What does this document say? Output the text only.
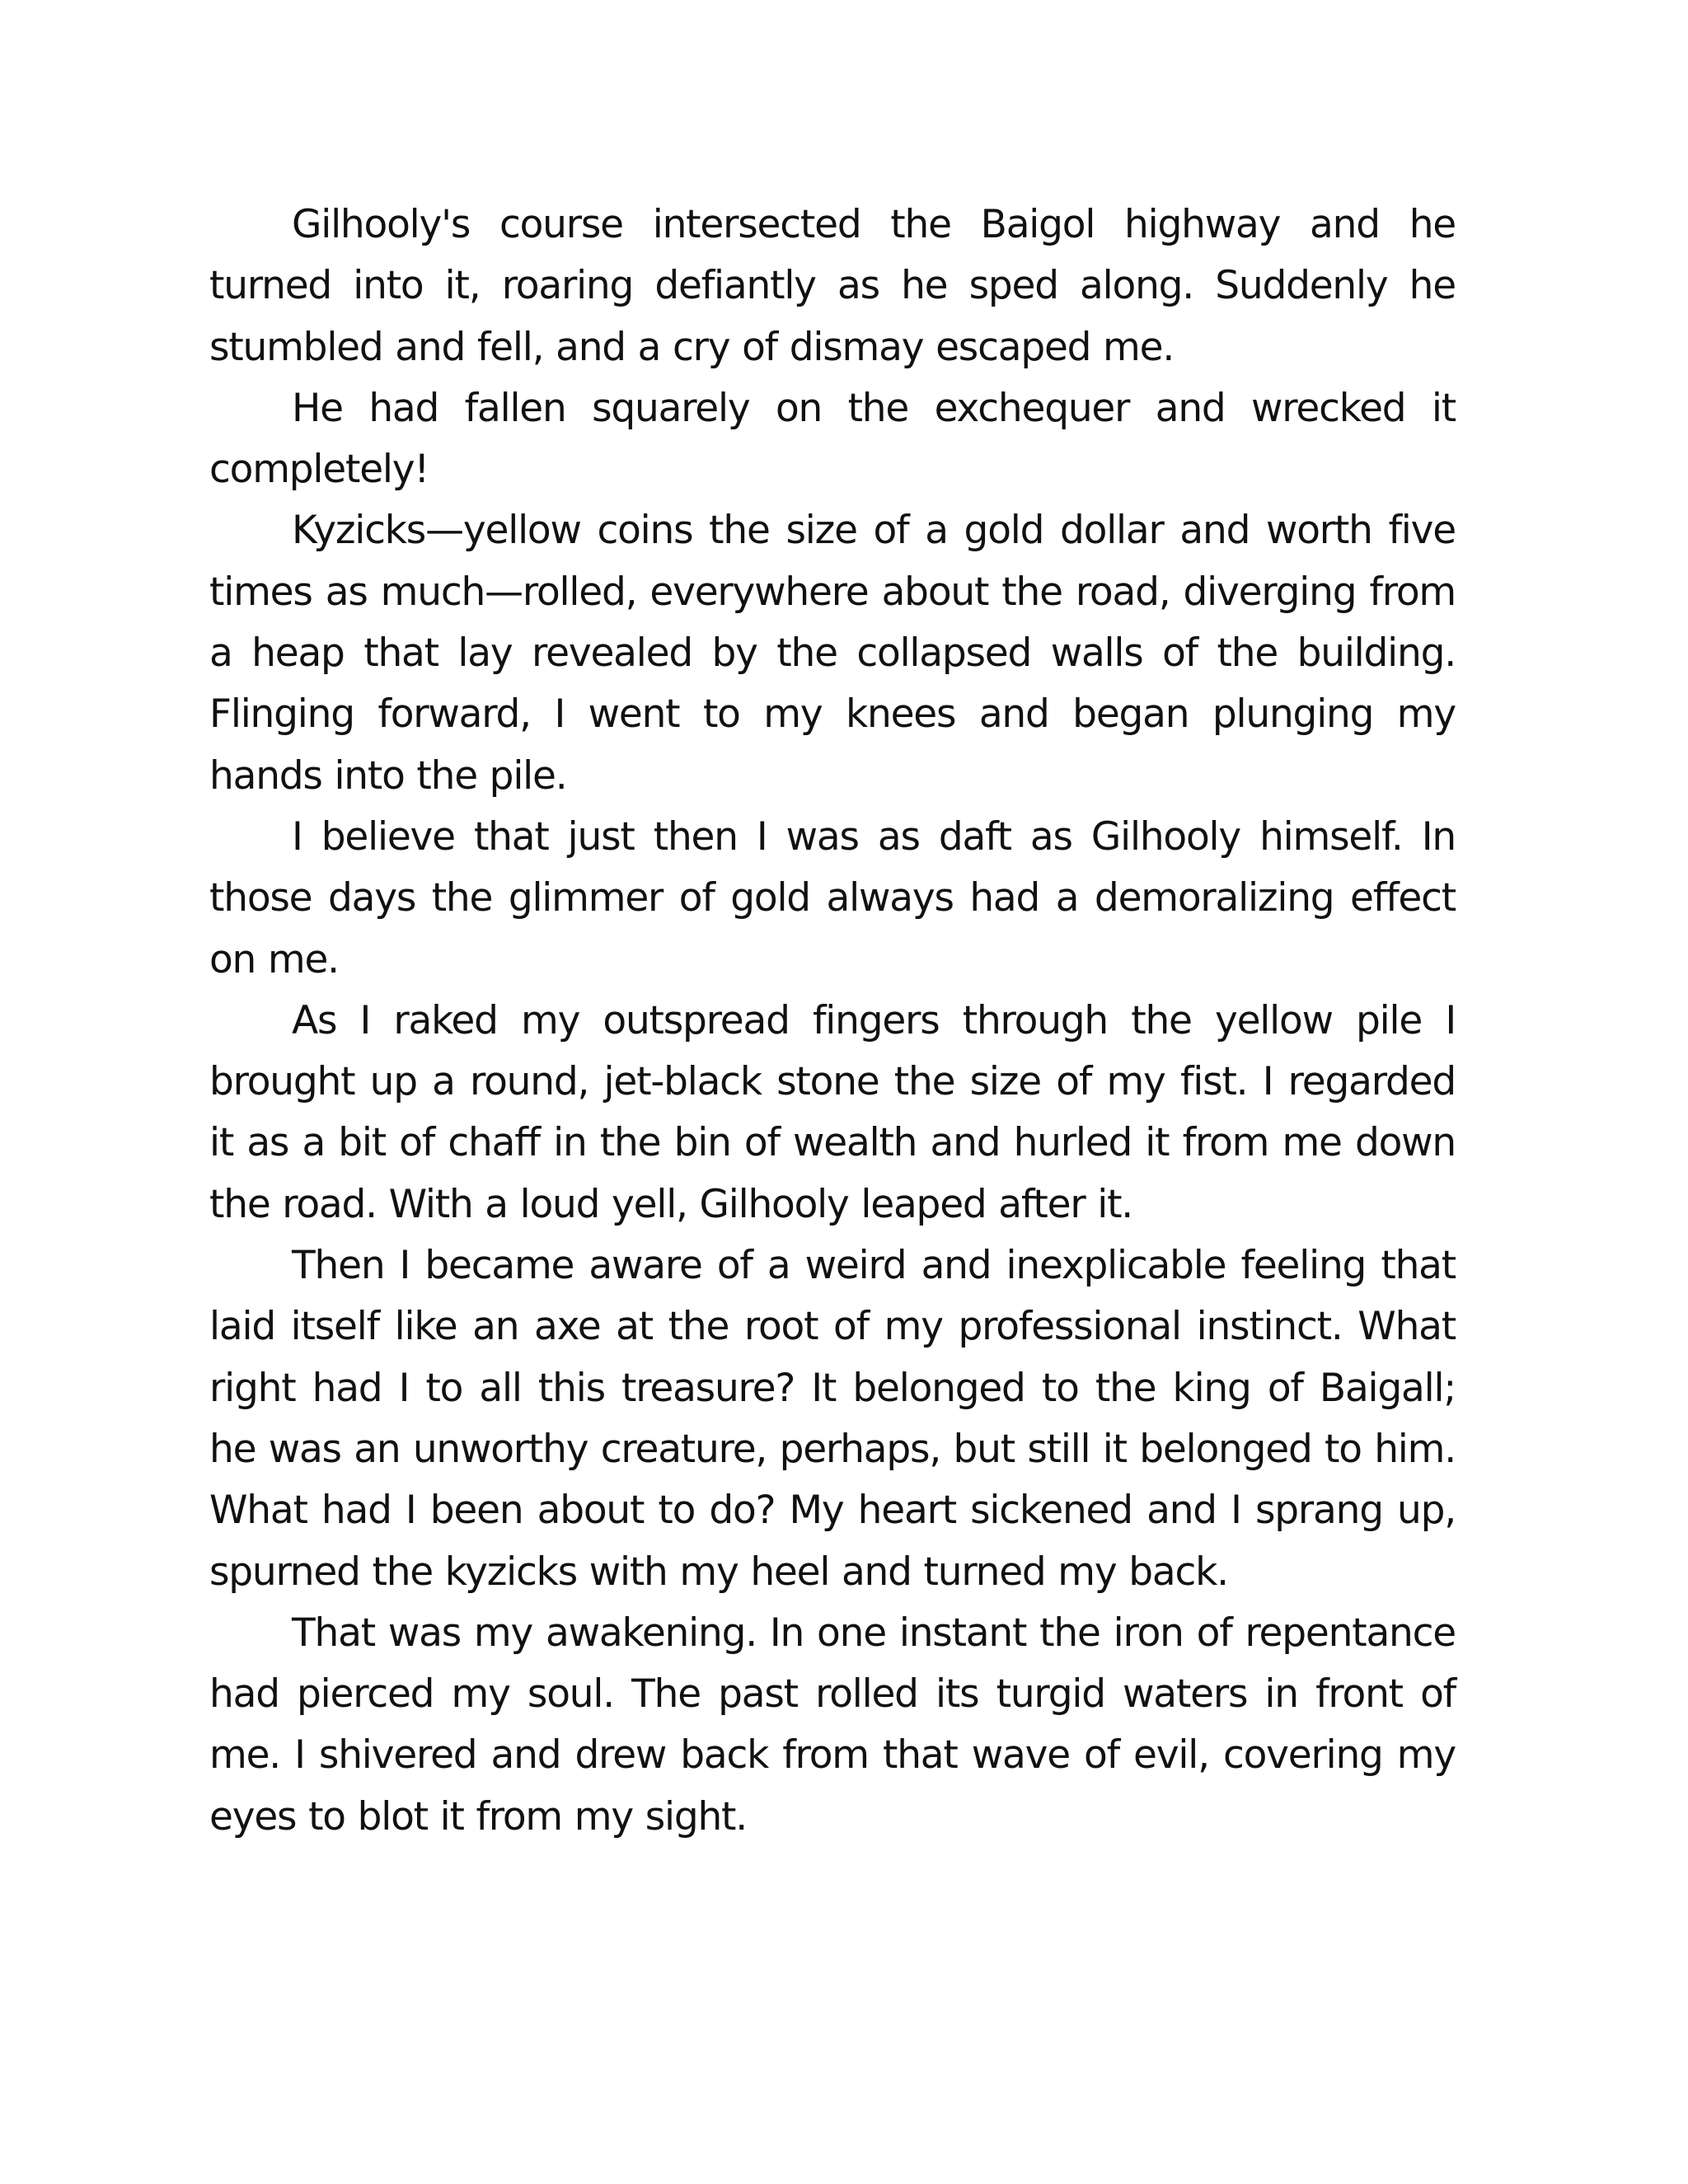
Gilhooly's course intersected the Baigol highway and he turned into it, roaring defiantly as he sped along. Suddenly he stumbled and fell, and a cry of dismay escaped me.

He had fallen squarely on the exchequer and wrecked it completely!

Kyzicks—yellow coins the size of a gold dollar and worth five times as much—rolled, everywhere about the road, diverging from a heap that lay revealed by the collapsed walls of the building. Flinging forward, I went to my knees and began plunging my hands into the pile.

I believe that just then I was as daft as Gilhooly himself. In those days the glimmer of gold always had a demoralizing effect on me.

As I raked my outspread fingers through the yellow pile I brought up a round, jet-black stone the size of my fist. I regarded it as a bit of chaff in the bin of wealth and hurled it from me down the road. With a loud yell, Gilhooly leaped after it.

Then I became aware of a weird and inexplicable feeling that laid itself like an axe at the root of my professional instinct. What right had I to all this treasure? It belonged to the king of Baigall; he was an unworthy creature, perhaps, but still it belonged to him. What had I been about to do? My heart sickened and I sprang up, spurned the kyzicks with my heel and turned my back.

That was my awakening. In one instant the iron of repentance had pierced my soul. The past rolled its turgid waters in front of me. I shivered and drew back from that wave of evil, covering my eyes to blot it from my sight.
